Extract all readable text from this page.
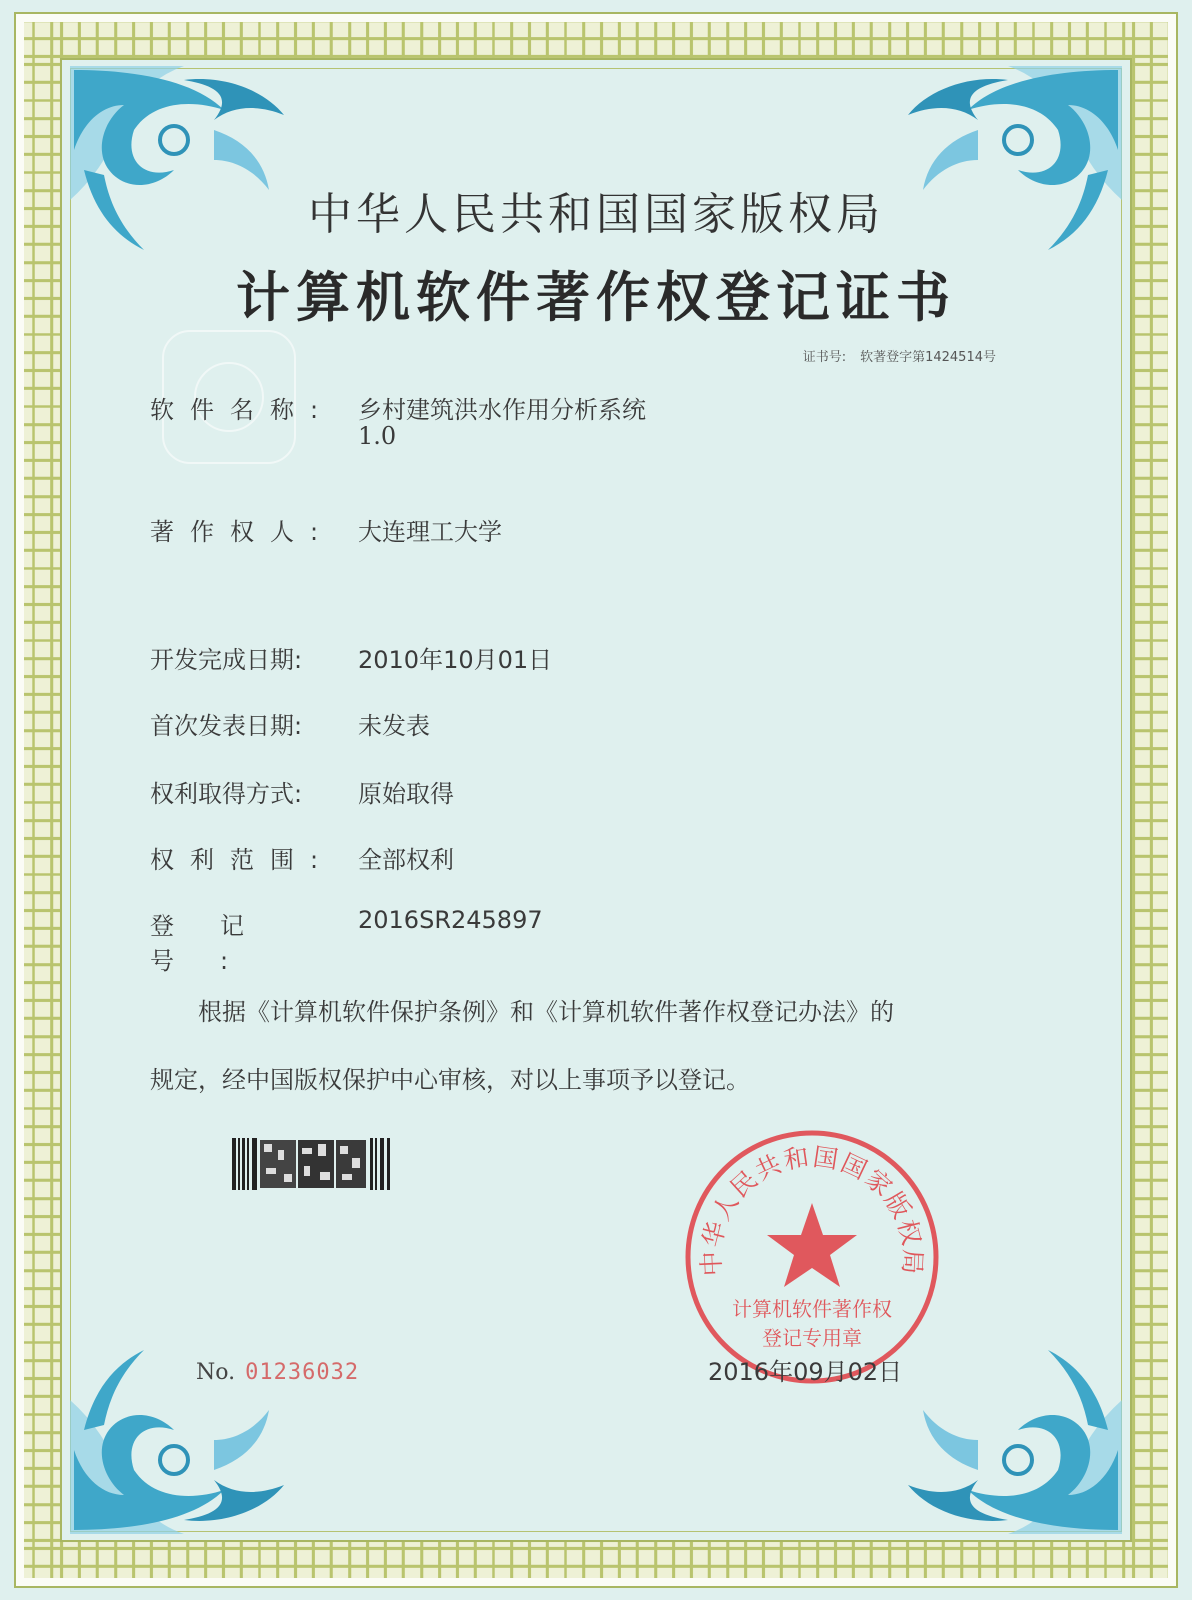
中华人民共和国国家版权局
计算机软件著作权登记证书
证书号: 软著登字第1424514号
软件名称: 乡村建筑洪水作用分析系统
1.0
著作权人: 大连理工大学
开发完成日期:	2010年10月01日
首次发表日期:	未发表
权利取得方式:	原始取得
权利范围: 全部权利
登记号:
2016SR245897
根据《计算机软件保护条例》和《计算机软件著作权登记办法》的
规定，经中国版权保护中心审核，对以上事项予以登记。
中华人民共和国国家版权局
计算机软件著作权
登记专用章
No. 01236032	2016年09月02日
